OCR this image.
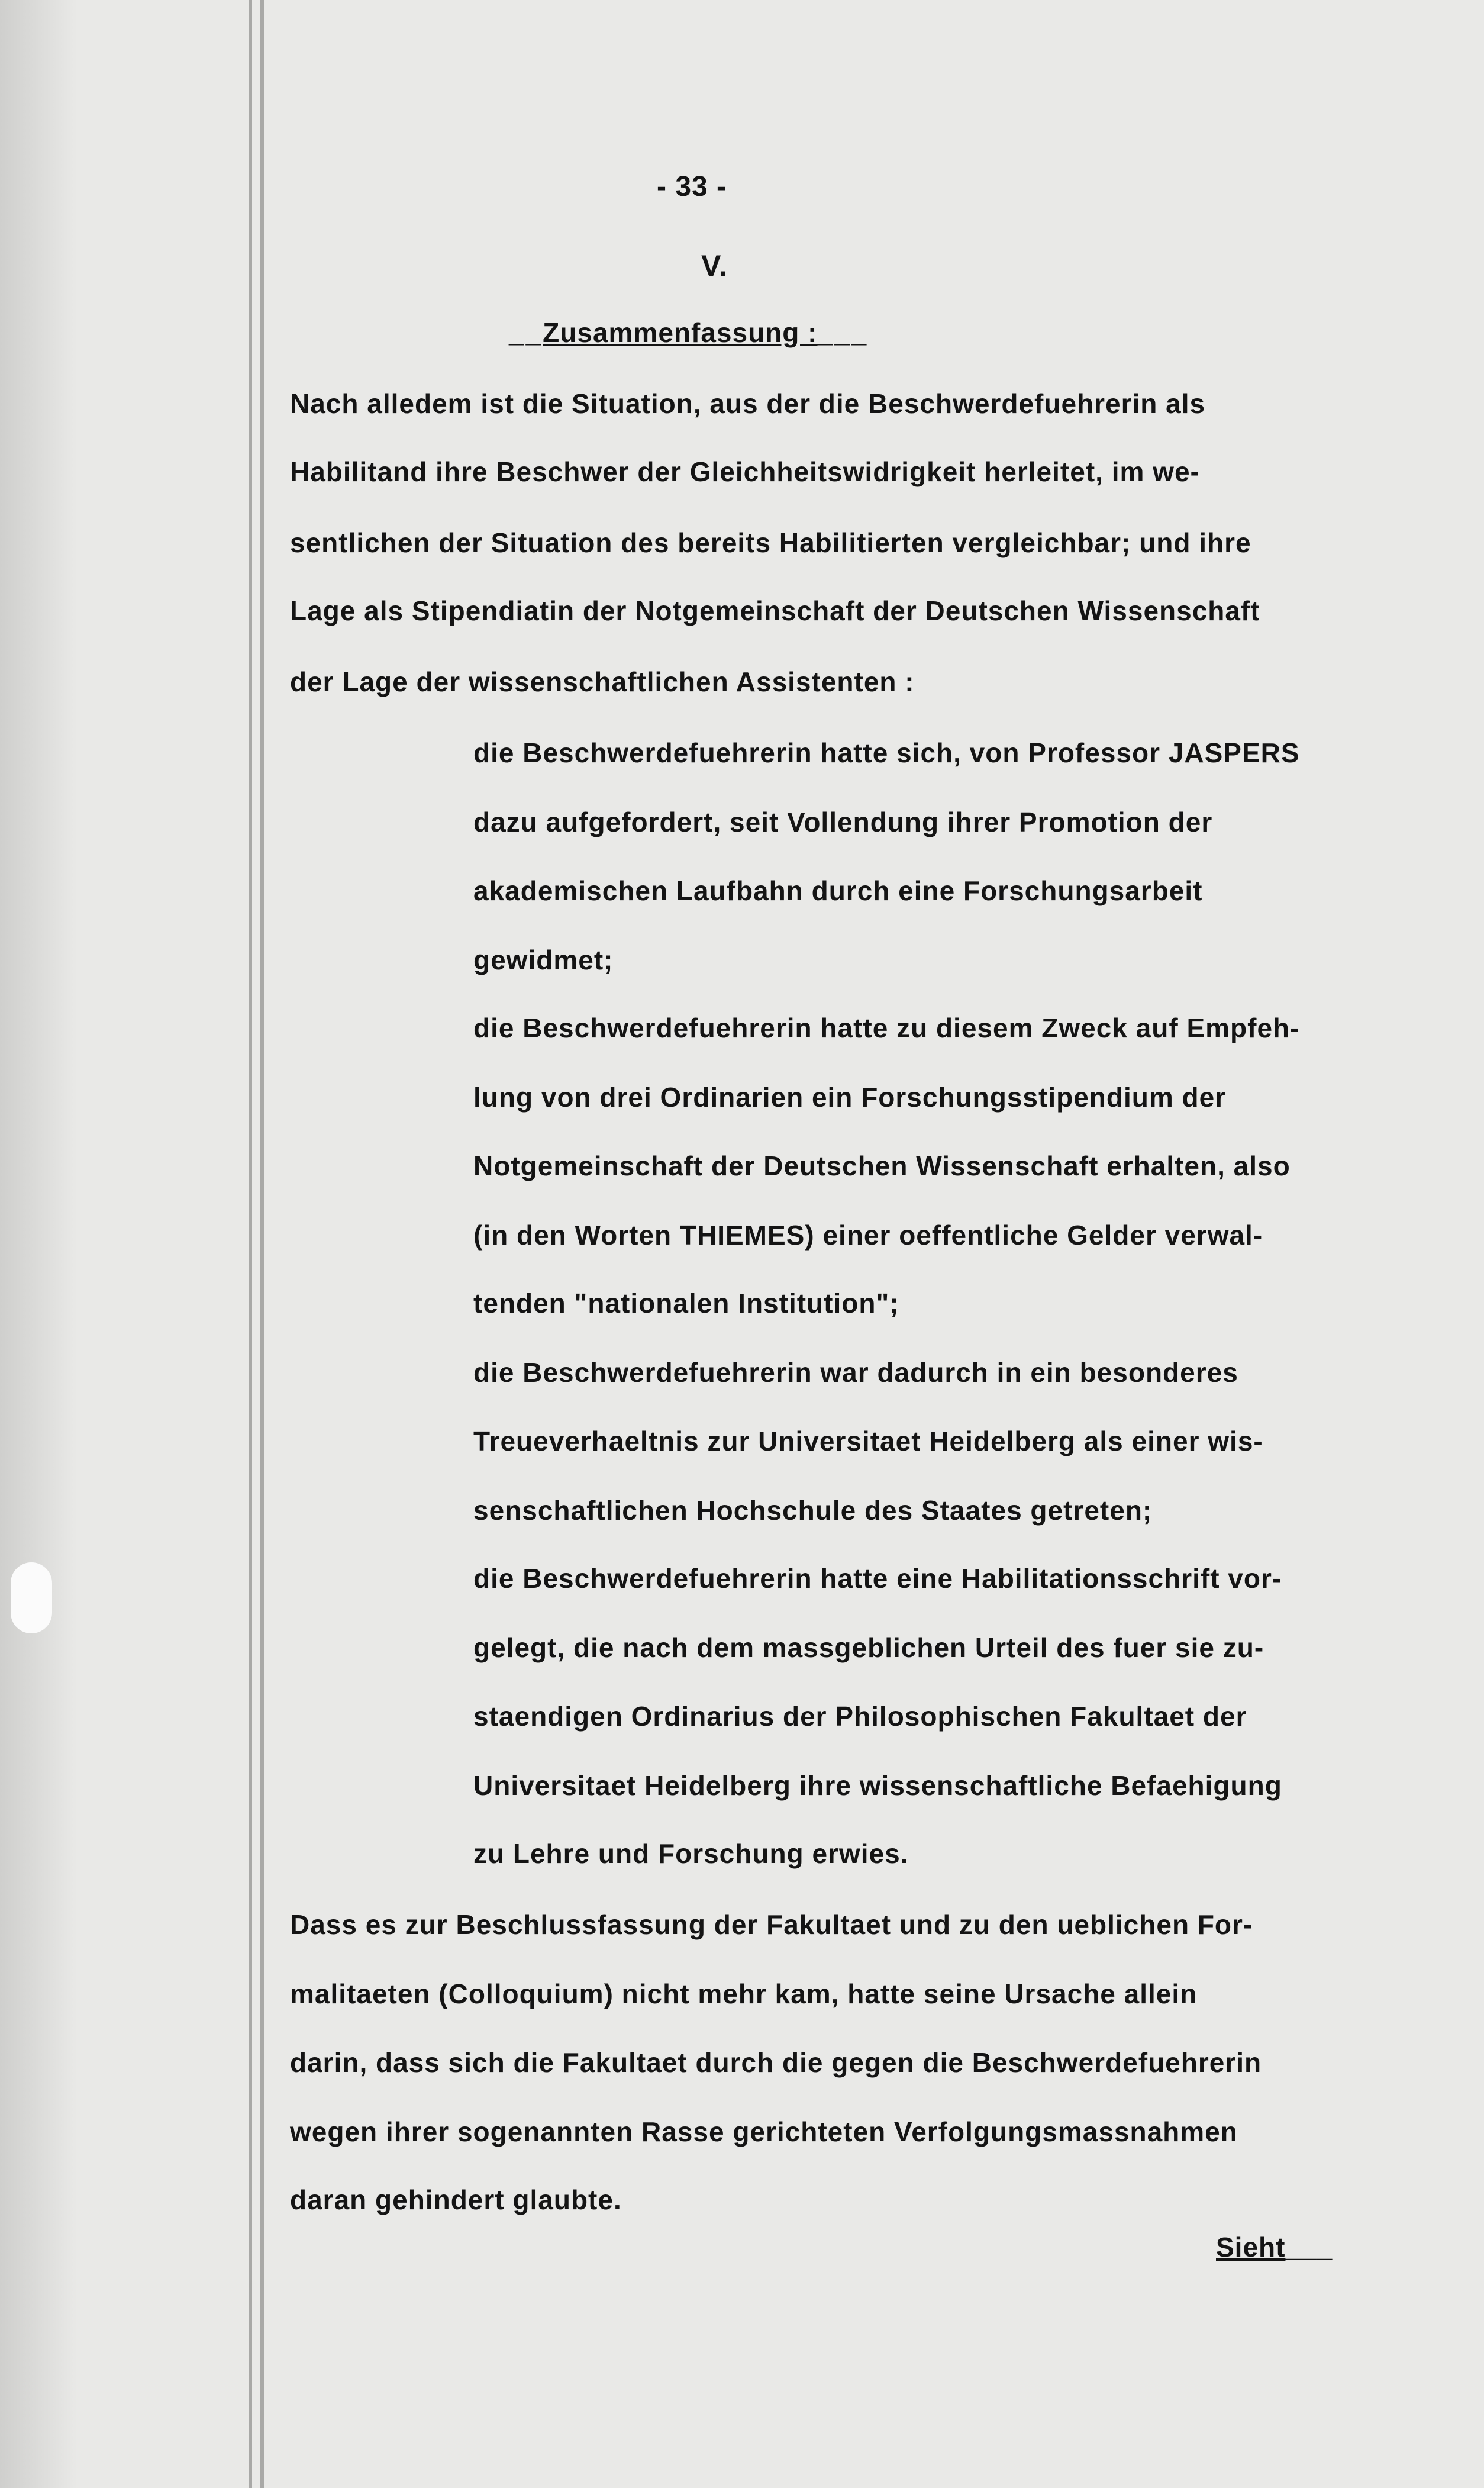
- 33 -
V.
__Zusammenfassung :___
Nach alledem ist die Situation, aus der die Beschwerdefuehrerin als
Habilitand ihre Beschwer der Gleichheitswidrigkeit herleitet, im we-
sentlichen der Situation des bereits Habilitierten vergleichbar; und ihre
Lage als Stipendiatin der Notgemeinschaft der Deutschen Wissenschaft
der Lage der wissenschaftlichen Assistenten :
die Beschwerdefuehrerin hatte sich, von Professor JASPERS
dazu aufgefordert, seit Vollendung ihrer Promotion der
akademischen Laufbahn durch eine Forschungsarbeit
gewidmet;
die Beschwerdefuehrerin hatte zu diesem Zweck auf Empfeh-
lung von drei Ordinarien ein Forschungsstipendium der
Notgemeinschaft der Deutschen Wissenschaft erhalten, also
(in den Worten THIEMES) einer oeffentliche Gelder verwal-
tenden "nationalen Institution";
die Beschwerdefuehrerin war dadurch in ein besonderes
Treueverhaeltnis zur Universitaet Heidelberg als einer wis-
senschaftlichen Hochschule des Staates getreten;
die Beschwerdefuehrerin hatte eine Habilitationsschrift vor-
gelegt, die nach dem massgeblichen Urteil des fuer sie zu-
staendigen Ordinarius der Philosophischen Fakultaet der
Universitaet Heidelberg ihre wissenschaftliche Befaehigung
zu Lehre und Forschung erwies.
Dass es zur Beschlussfassung der Fakultaet und zu den ueblichen For-
malitaeten (Colloquium) nicht mehr kam, hatte seine Ursache allein
darin, dass sich die Fakultaet durch die gegen die Beschwerdefuehrerin
wegen ihrer sogenannten Rasse gerichteten Verfolgungsmassnahmen
daran gehindert glaubte.
Sieht___
